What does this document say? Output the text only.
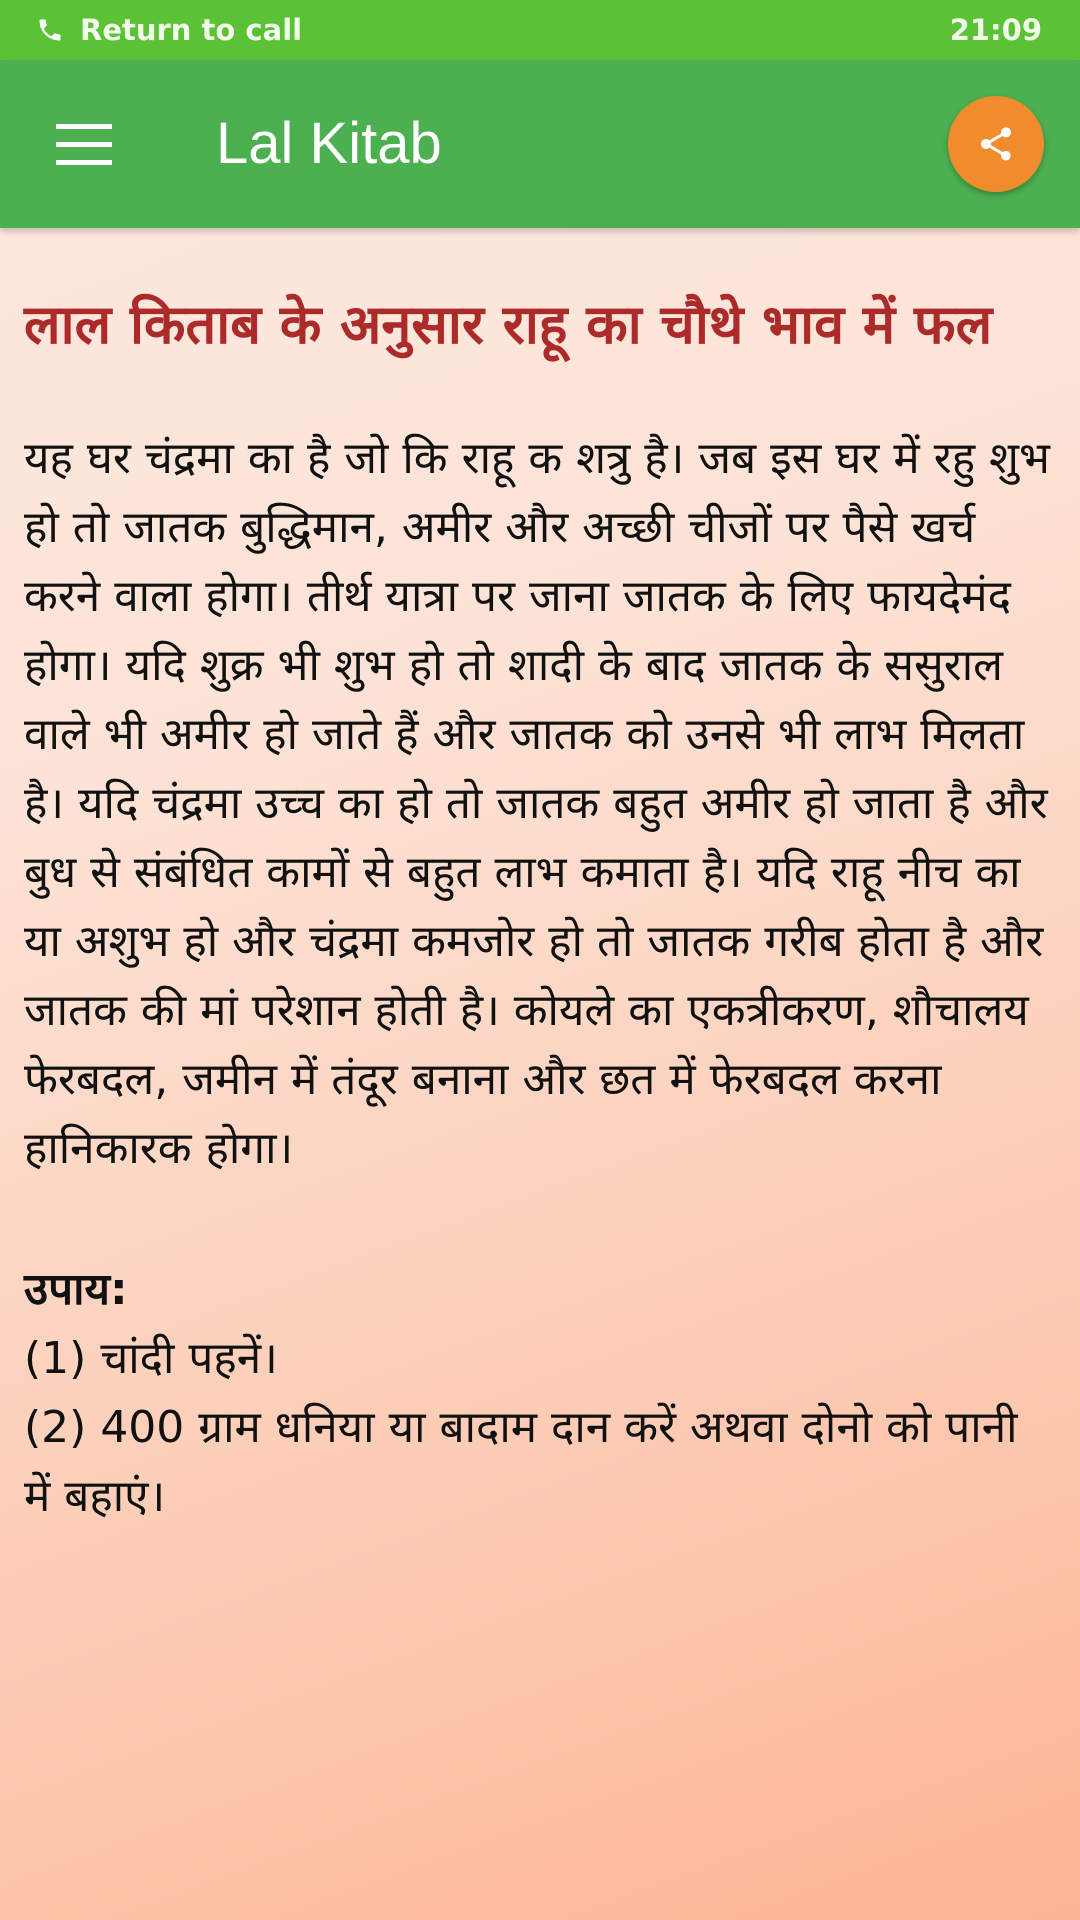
Return to call	21:09
Lal Kitab
लाल किताब के अनुसार राहू का चौथे भाव में फल

यह घर चंद्रमा का है जो कि राहू क शत्रु है। जब इस घर में रहु शुभ हो तो जातक बुद्धिमान, अमीर और अच्छी चीजों पर पैसे खर्च करने वाला होगा। तीर्थ यात्रा पर जाना जातक के लिए फायदेमंद होगा। यदि शुक्र भी शुभ हो तो शादी के बाद जातक के ससुराल वाले भी अमीर हो जाते हैं और जातक को उनसे भी लाभ मिलता है। यदि चंद्रमा उच्च का हो तो जातक बहुत अमीर हो जाता है और बुध से संबंधित कामों से बहुत लाभ कमाता है। यदि राहू नीच का या अशुभ हो और चंद्रमा कमजोर हो तो जातक गरीब होता है और जातक की मां परेशान होती है। कोयले का एकत्रीकरण, शौचालय फेरबदल, जमीन में तंदूर बनाना और छत में फेरबदल करना हानिकारक होगा।

उपाय:

(1) चांदी पहनें।

(2) 400 ग्राम धनिया या बादाम दान करें अथवा दोनो को पानी में बहाएं।
